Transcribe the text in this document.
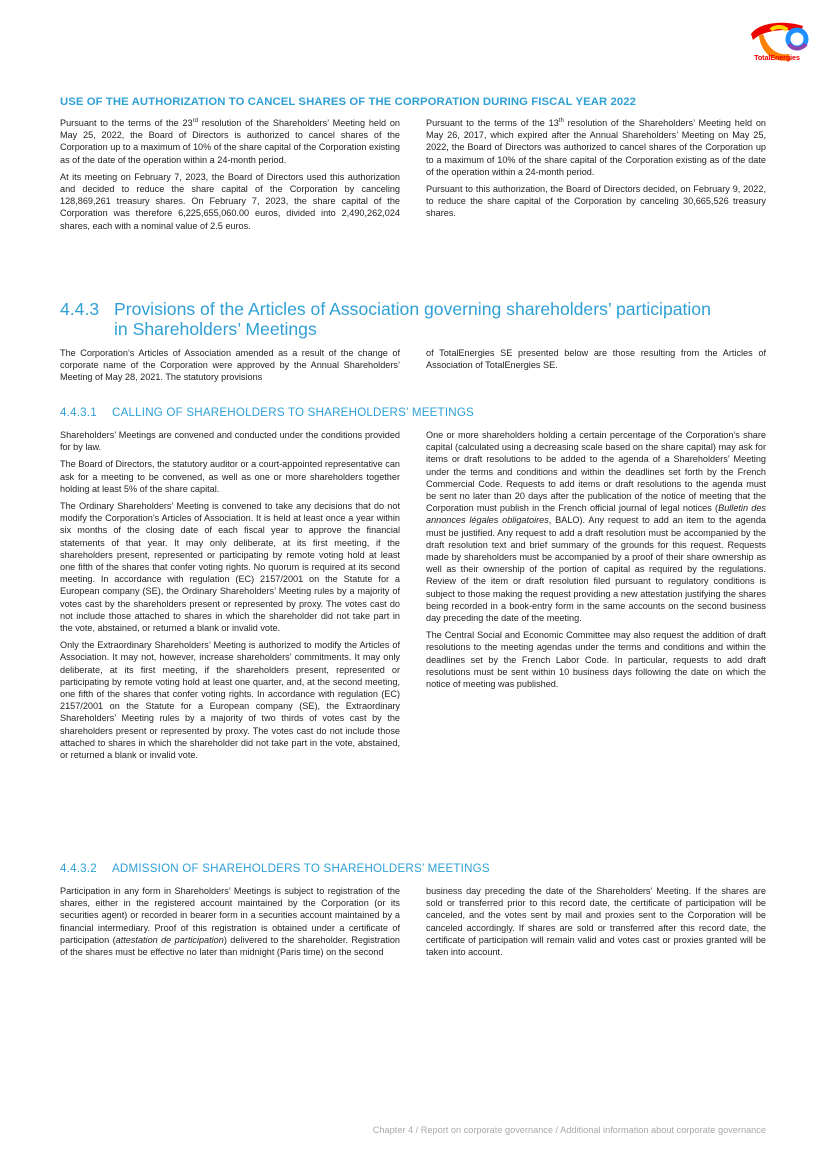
TotalEnergies
USE OF THE AUTHORIZATION TO CANCEL SHARES OF THE CORPORATION DURING FISCAL YEAR 2022

Pursuant to the terms of the 23rd resolution of the Shareholders’ Meeting held on May 25, 2022, the Board of Directors is authorized to cancel shares of the Corporation up to a maximum of 10% of the share capital of the Corporation existing as of the date of the operation within a 24-month period.

At its meeting on February 7, 2023, the Board of Directors used this authorization and decided to reduce the share capital of the Corporation by canceling 128,869,261 treasury shares. On February 7, 2023, the share capital of the Corporation was therefore 6,225,655,060.00 euros, divided into 2,490,262,024 shares, each with a nominal value of 2.5 euros.

Pursuant to the terms of the 13th resolution of the Shareholders’ Meeting held on May 26, 2017, which expired after the Annual Shareholders’ Meeting on May 25, 2022, the Board of Directors was authorized to cancel shares of the Corporation up to a maximum of 10% of the share capital of the Corporation existing as of the date of the operation within a 24-month period.

Pursuant to this authorization, the Board of Directors decided, on February 9, 2022, to reduce the share capital of the Corporation by canceling 30,665,526 treasury shares.

4.4.3 Provisions of the Articles of Association governing shareholders’ participation
in Shareholders’ Meetings

The Corporation’s Articles of Association amended as a result of the change of corporate name of the Corporation were approved by the Annual Shareholders’ Meeting of May 28, 2021. The statutory provisions

of TotalEnergies SE presented below are those resulting from the Articles of Association of TotalEnergies SE.

4.4.3.1 CALLING OF SHAREHOLDERS TO SHAREHOLDERS’ MEETINGS

Shareholders’ Meetings are convened and conducted under the conditions provided for by law.

The Board of Directors, the statutory auditor or a court-appointed representative can ask for a meeting to be convened, as well as one or more shareholders together holding at least 5% of the share capital.

The Ordinary Shareholders’ Meeting is convened to take any decisions that do not modify the Corporation’s Articles of Association. It is held at least once a year within six months of the closing date of each fiscal year to approve the financial statements of that year. It may only deliberate, at its first meeting, if the shareholders present, represented or participating by remote voting hold at least one fifth of the shares that confer voting rights. No quorum is required at its second meeting. In accordance with regulation (EC) 2157/2001 on the Statute for a European company (SE), the Ordinary Shareholders’ Meeting rules by a majority of votes cast by the shareholders present or represented by proxy. The votes cast do not include those attached to shares in which the shareholder did not take part in the vote, abstained, or returned a blank or invalid vote.

Only the Extraordinary Shareholders’ Meeting is authorized to modify the Articles of Association. It may not, however, increase shareholders’ commitments. It may only deliberate, at its first meeting, if the shareholders present, represented or participating by remote voting hold at least one quarter, and, at the second meeting, one fifth of the shares that confer voting rights. In accordance with regulation (EC) 2157/2001 on the Statute for a European company (SE), the Extraordinary Shareholders’ Meeting rules by a majority of two thirds of votes cast by the shareholders present or represented by proxy. The votes cast do not include those attached to shares in which the shareholder did not take part in the vote, abstained, or returned a blank or invalid vote.

One or more shareholders holding a certain percentage of the Corporation’s share capital (calculated using a decreasing scale based on the share capital) may ask for items or draft resolutions to be added to the agenda of a Shareholders’ Meeting under the terms and conditions and within the deadlines set forth by the French Commercial Code. Requests to add items or draft resolutions to the agenda must be sent no later than 20 days after the publication of the notice of meeting that the Corporation must publish in the French official journal of legal notices (Bulletin des annonces légales obligatoires, BALO). Any request to add an item to the agenda must be justified. Any request to add a draft resolution must be accompanied by the draft resolution text and brief summary of the grounds for this request. Requests made by shareholders must be accompanied by a proof of their share ownership as well as their ownership of the portion of capital as required by the regulations. Review of the item or draft resolution filed pursuant to regulatory conditions is subject to those making the request providing a new attestation justifying the shares being recorded in a book-entry form in the same accounts on the second business day preceding the date of the meeting.

The Central Social and Economic Committee may also request the addition of draft resolutions to the meeting agendas under the terms and conditions and within the deadlines set by the French Labor Code. In particular, requests to add draft resolutions must be sent within 10 business days following the date on which the notice of meeting was published.

4.4.3.2 ADMISSION OF SHAREHOLDERS TO SHAREHOLDERS’ MEETINGS

Participation in any form in Shareholders’ Meetings is subject to registration of the shares, either in the registered account maintained by the Corporation (or its securities agent) or recorded in bearer form in a securities account maintained by a financial intermediary. Proof of this registration is obtained under a certificate of participation (attestation de participation) delivered to the shareholder. Registration of the shares must be effective no later than midnight (Paris time) on the second

business day preceding the date of the Shareholders’ Meeting. If the shares are sold or transferred prior to this record date, the certificate of participation will be canceled, and the votes sent by mail and proxies sent to the Corporation will be canceled accordingly. If shares are sold or transferred after this record date, the certificate of participation will remain valid and votes cast or proxies granted will be taken into account.

Chapter 4 / Report on corporate governance / Additional information about corporate governance
